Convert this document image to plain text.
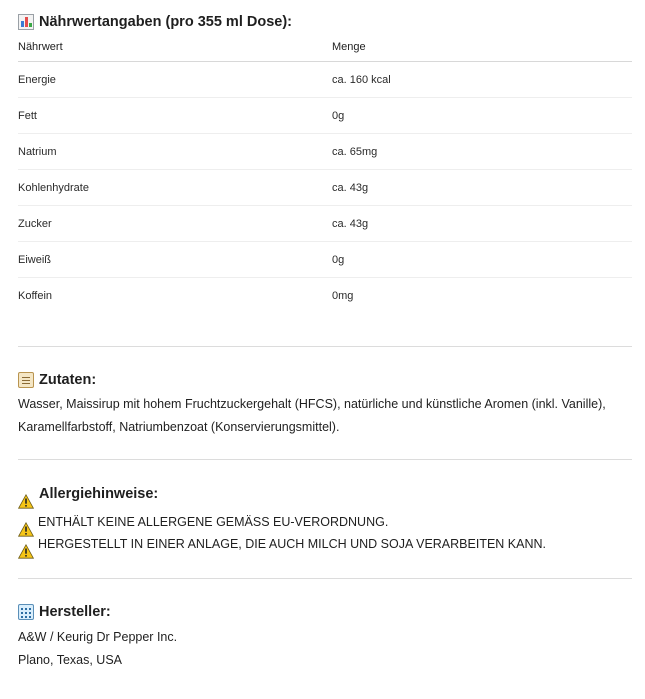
Nährwertangaben (pro 355 ml Dose):
Nährwert	Menge
Energie	ca. 160 kcal
Fett	0g
Natrium	ca. 65mg
Kohlenhydrate	ca. 43g
Zucker	ca. 43g
Eiweiß	0g
Koffein	0mg
Zutaten:

Wasser, Maissirup mit hohem Fruchtzuckergehalt (HFCS), natürliche und künstliche Aromen (inkl. Vanille), Karamellfarbstoff, Natriumbenzoat (Konservierungsmittel).

Allergiehinweise:
ENTHÄLT KEINE ALLERGENE GEMÄSS EU-VERORDNUNG.
HERGESTELLT IN EINER ANLAGE, DIE AUCH MILCH UND SOJA VERARBEITEN KANN.
Hersteller:

A&W / Keurig Dr Pepper Inc.

Plano, Texas, USA
